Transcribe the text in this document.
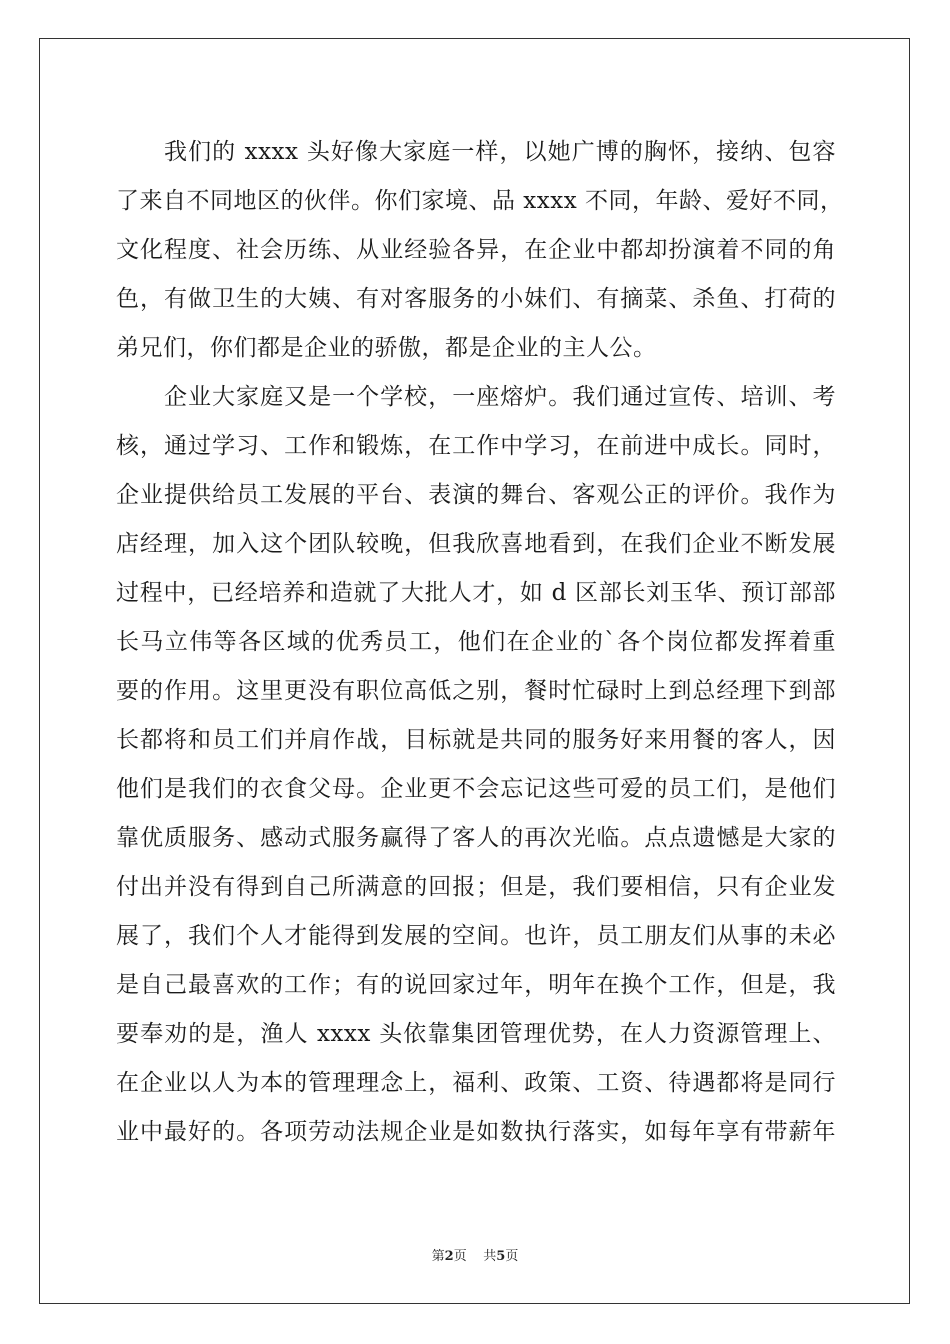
我们的 xxxx 头好像大家庭一样，以她广博的胸怀，接纳、包容
了来自不同地区的伙伴。你们家境、品 xxxx 不同，年龄、爱好不同，
文化程度、社会历练、从业经验各异，在企业中都却扮演着不同的角
色，有做卫生的大姨、有对客服务的小妹们、有摘菜、杀鱼、打荷的
弟兄们，你们都是企业的骄傲，都是企业的主人公。
企业大家庭又是一个学校，一座熔炉。我们通过宣传、培训、考
核，通过学习、工作和锻炼，在工作中学习，在前进中成长。同时，
企业提供给员工发展的平台、表演的舞台、客观公正的评价。我作为
店经理，加入这个团队较晚，但我欣喜地看到，在我们企业不断发展
过程中，已经培养和造就了大批人才，如 d 区部长刘玉华、预订部部
长马立伟等各区域的优秀员工，他们在企业的`各个岗位都发挥着重
要的作用。这里更没有职位高低之别，餐时忙碌时上到总经理下到部
长都将和员工们并肩作战，目标就是共同的服务好来用餐的客人，因
他们是我们的衣食父母。企业更不会忘记这些可爱的员工们，是他们
靠优质服务、感动式服务赢得了客人的再次光临。点点遗憾是大家的
付出并没有得到自己所满意的回报；但是，我们要相信，只有企业发
展了，我们个人才能得到发展的空间。也许，员工朋友们从事的未必
是自己最喜欢的工作；有的说回家过年，明年在换个工作，但是，我
要奉劝的是，渔人 xxxx 头依靠集团管理优势，在人力资源管理上、
在企业以人为本的管理理念上，福利、政策、工资、待遇都将是同行
业中最好的。各项劳动法规企业是如数执行落实，如每年享有带薪年
第2页 共5页
